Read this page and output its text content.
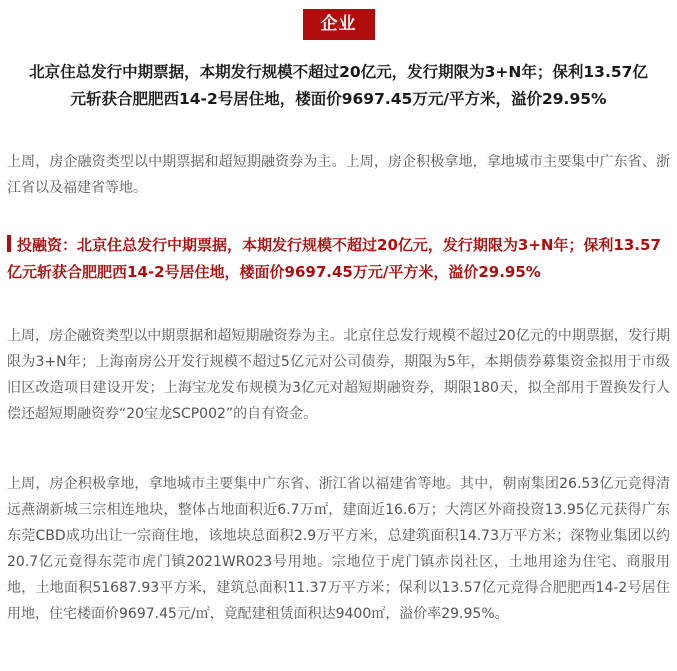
企业
北京住总发行中期票据，本期发行规模不超过20亿元，发行期限为3+N年；保利13.57亿
元斩获合肥肥西14-2号居住地，楼面价9697.45万元/平方米，溢价29.95%

上周，房企融资类型以中期票据和超短期融资券为主。上周，房企积极拿地，拿地城市主要集中广东省、浙江省以及福建省等地。

投融资：北京住总发行中期票据，本期发行规模不超过20亿元，发行期限为3+N年；保利13.57亿元斩获合肥肥西14-2号居住地，楼面价9697.45万元/平方米，溢价29.95%

上周，房企融资类型以中期票据和超短期融资券为主。北京住总发行规模不超过20亿元的中期票据，发行期限为3+N年；上海南房公开发行规模不超过5亿元对公司债券，期限为5年，本期债券募集资金拟用于市级旧区改造项目建设开发；上海宝龙发布规模为3亿元对超短期融资券，期限180天，拟全部用于置换发行人偿还超短期融资券“20宝龙SCP002”的自有资金。

上周，房企积极拿地，拿地城市主要集中广东省、浙江省以福建省等地。其中，朝南集团26.53亿元竞得清远燕湖新城三宗相连地块，整体占地面积近6.7万㎡，建面近16.6万；大湾区外商投资13.95亿元获得广东东莞CBD成功出让一宗商住地，该地块总面积2.9万平方米，总建筑面积14.73万平方米；深物业集团以约20.7亿元竟得东莞市虎门镇2021WR023号用地。宗地位于虎门镇赤岗社区，土地用途为住宅、商服用地，土地面积51687.93平方米，建筑总面积11.37万平方米；保利以13.57亿元竞得合肥肥西14-2号居住用地，住宅楼面价9697.45元/㎡，竟配建租赁面积达9400㎡，溢价率29.95%。
